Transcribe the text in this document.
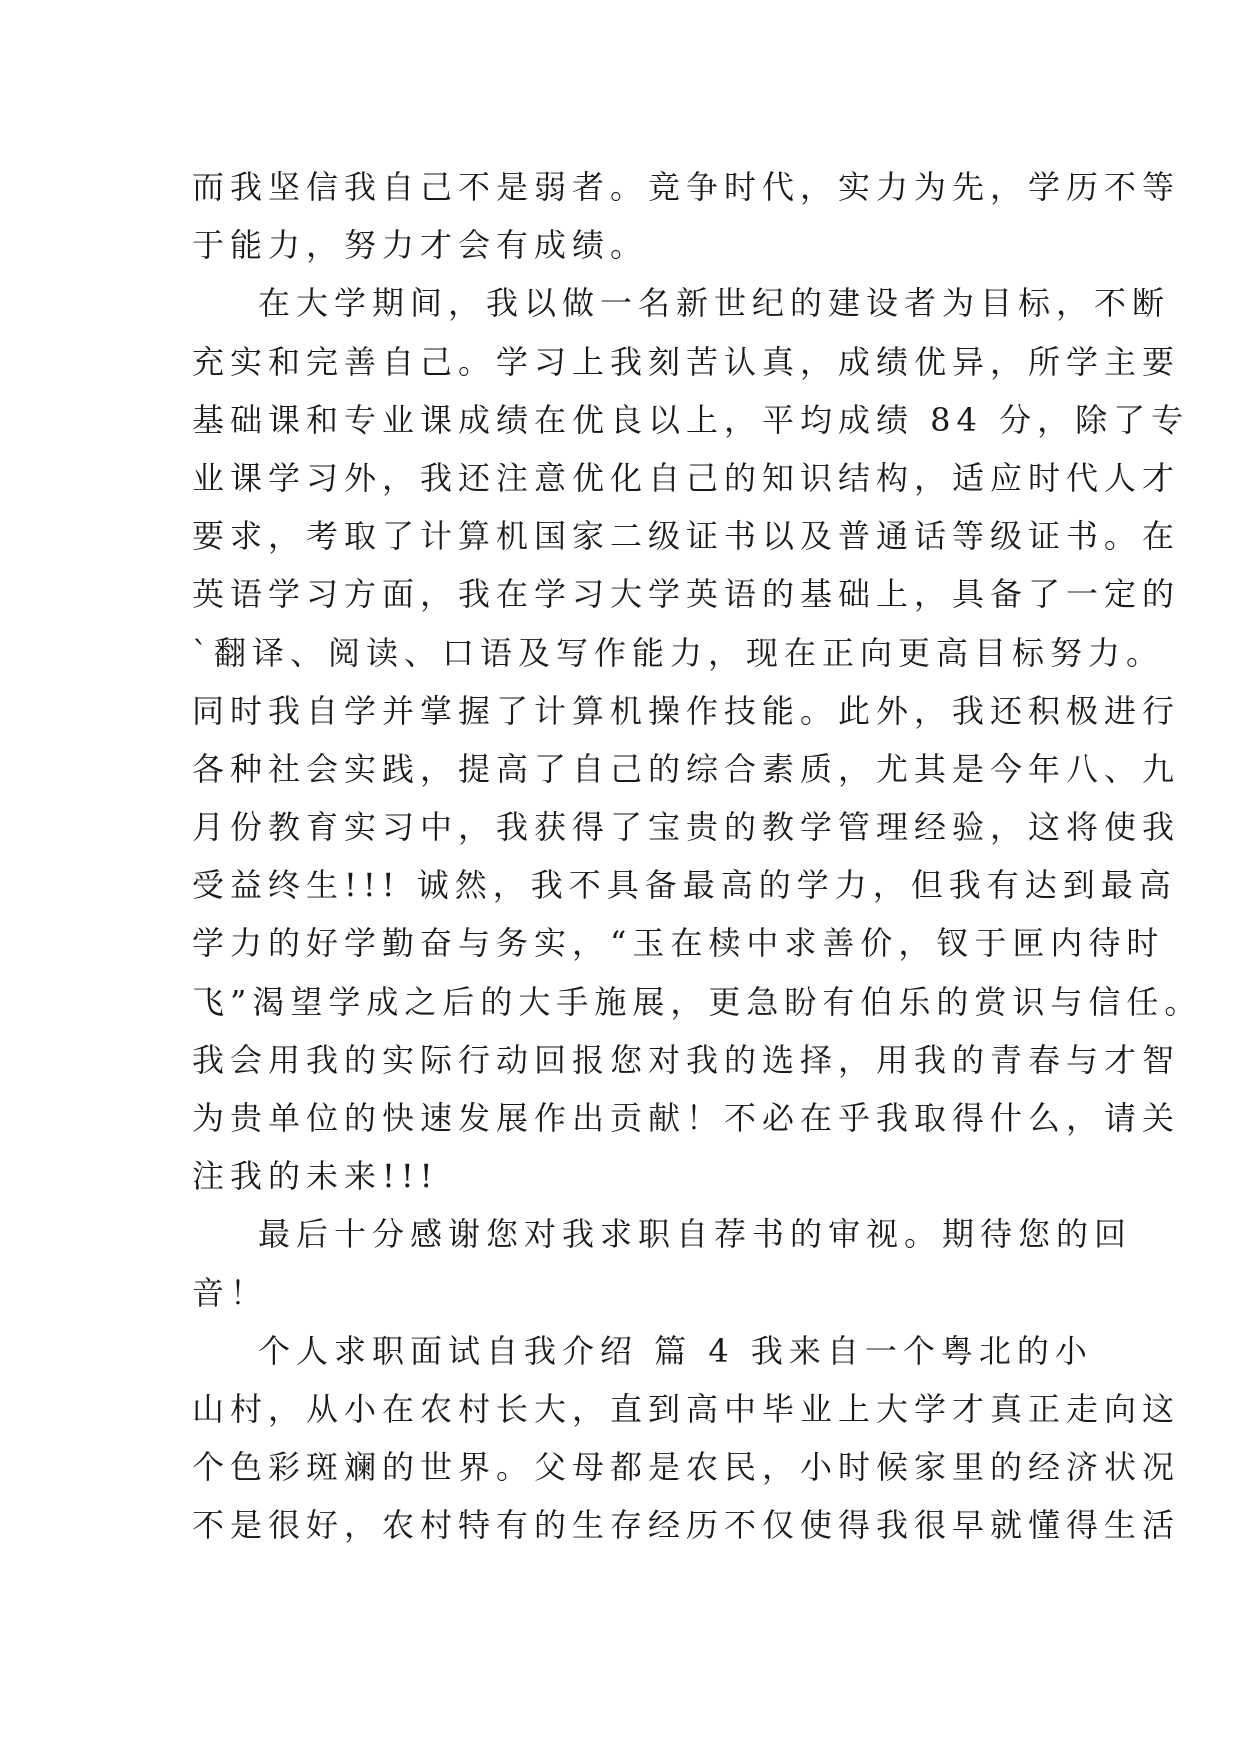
而我坚信我自己不是弱者。竞争时代，实力为先，学历不等
于能力，努力才会有成绩。
在大学期间，我以做一名新世纪的建设者为目标，不断
充实和完善自己。学习上我刻苦认真，成绩优异，所学主要
基础课和专业课成绩在优良以上，平均成绩 84 分，除了专
业课学习外，我还注意优化自己的知识结构，适应时代人才
要求，考取了计算机国家二级证书以及普通话等级证书。在
英语学习方面，我在学习大学英语的基础上，具备了一定的
`翻译、阅读、口语及写作能力，现在正向更高目标努力。
同时我自学并掌握了计算机操作技能。此外，我还积极进行
各种社会实践，提高了自己的综合素质，尤其是今年八、九
月份教育实习中，我获得了宝贵的教学管理经验，这将使我
受益终生!!! 诚然，我不具备最高的学力，但我有达到最高
学力的好学勤奋与务实，“玉在椟中求善价，钗于匣内待时
飞”渴望学成之后的大手施展，更急盼有伯乐的赏识与信任。
我会用我的实际行动回报您对我的选择，用我的青春与才智
为贵单位的快速发展作出贡献！不必在乎我取得什么，请关
注我的未来!!!
最后十分感谢您对我求职自荐书的审视。期待您的回
音！
个人求职面试自我介绍 篇 4 我来自一个粤北的小
山村，从小在农村长大，直到高中毕业上大学才真正走向这
个色彩斑斓的世界。父母都是农民，小时候家里的经济状况
不是很好，农村特有的生存经历不仅使得我很早就懂得生活
